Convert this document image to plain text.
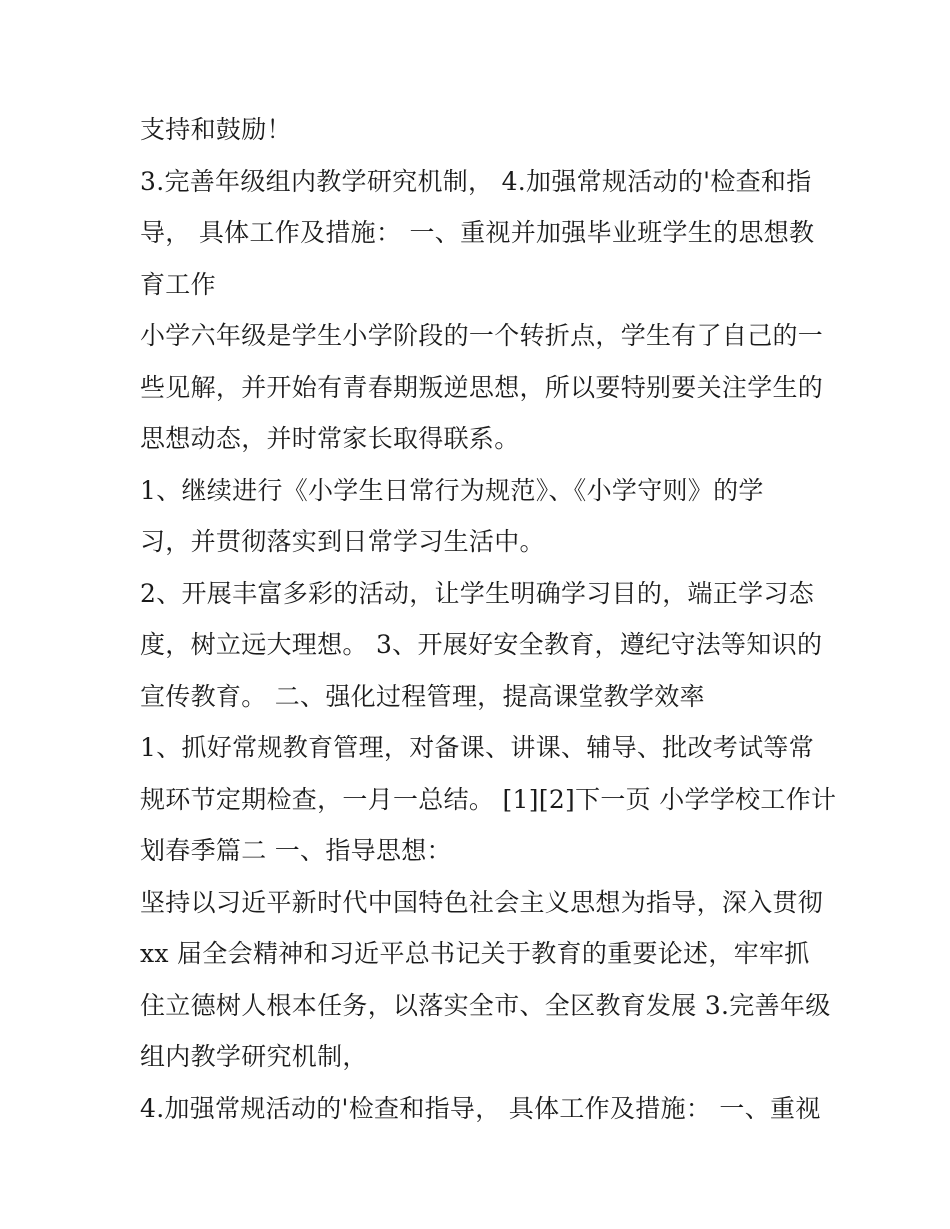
支持和鼓励！
3.完善年级组内教学研究机制， 4.加强常规活动的'检查和指
导， 具体工作及措施： 一、重视并加强毕业班学生的思想教
育工作
小学六年级是学生小学阶段的一个转折点，学生有了自己的一
些见解，并开始有青春期叛逆思想，所以要特别要关注学生的
思想动态，并时常家长取得联系。
1、继续进行《小学生日常行为规范》、《小学守则》的学
习，并贯彻落实到日常学习生活中。
2、开展丰富多彩的活动，让学生明确学习目的，端正学习态
度，树立远大理想。 3、开展好安全教育，遵纪守法等知识的
宣传教育。 二、强化过程管理，提高课堂教学效率
1、抓好常规教育管理，对备课、讲课、辅导、批改考试等常
规环节定期检查，一月一总结。 [1][2]下一页 小学学校工作计
划春季篇二 一、指导思想：
坚持以习近平新时代中国特色社会主义思想为指导，深入贯彻
xx 届全会精神和习近平总书记关于教育的重要论述，牢牢抓
住立德树人根本任务，以落实全市、全区教育发展 3.完善年级
组内教学研究机制，
4.加强常规活动的'检查和指导， 具体工作及措施： 一、重视
